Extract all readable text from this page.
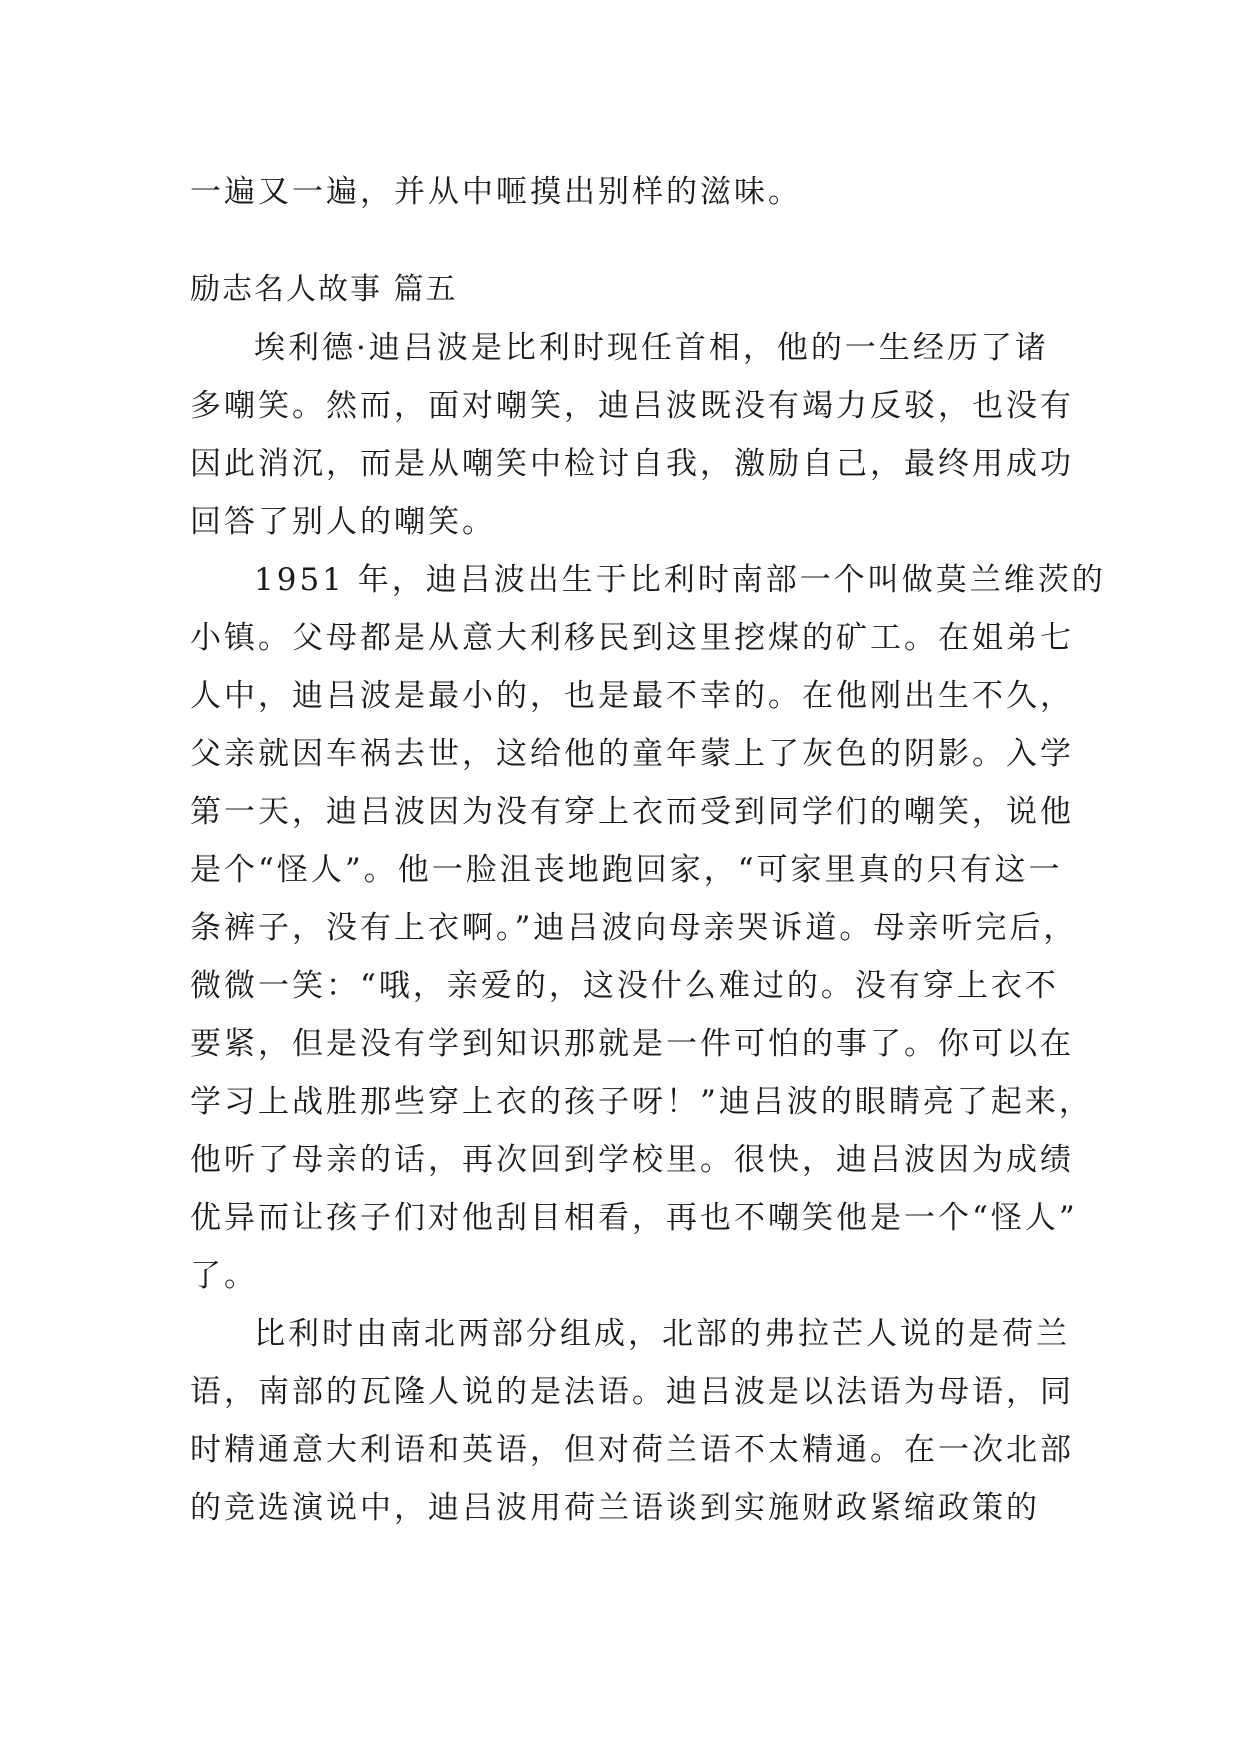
一遍又一遍，并从中咂摸出别样的滋味。
励志名人故事 篇五
埃利德·迪吕波是比利时现任首相，他的一生经历了诸
多嘲笑。然而，面对嘲笑，迪吕波既没有竭力反驳，也没有
因此消沉，而是从嘲笑中检讨自我，激励自己，最终用成功
回答了别人的嘲笑。
1951 年，迪吕波出生于比利时南部一个叫做莫兰维茨的
小镇。父母都是从意大利移民到这里挖煤的矿工。在姐弟七
人中，迪吕波是最小的，也是最不幸的。在他刚出生不久，
父亲就因车祸去世，这给他的童年蒙上了灰色的阴影。入学
第一天，迪吕波因为没有穿上衣而受到同学们的嘲笑，说他
是个“怪人”。他一脸沮丧地跑回家，“可家里真的只有这一
条裤子，没有上衣啊。”迪吕波向母亲哭诉道。母亲听完后，
微微一笑：“哦，亲爱的，这没什么难过的。没有穿上衣不
要紧，但是没有学到知识那就是一件可怕的事了。你可以在
学习上战胜那些穿上衣的孩子呀！”迪吕波的眼睛亮了起来，
他听了母亲的话，再次回到学校里。很快，迪吕波因为成绩
优异而让孩子们对他刮目相看，再也不嘲笑他是一个“怪人”
了。
比利时由南北两部分组成，北部的弗拉芒人说的是荷兰
语，南部的瓦隆人说的是法语。迪吕波是以法语为母语，同
时精通意大利语和英语，但对荷兰语不太精通。在一次北部
的竞选演说中，迪吕波用荷兰语谈到实施财政紧缩政策的
